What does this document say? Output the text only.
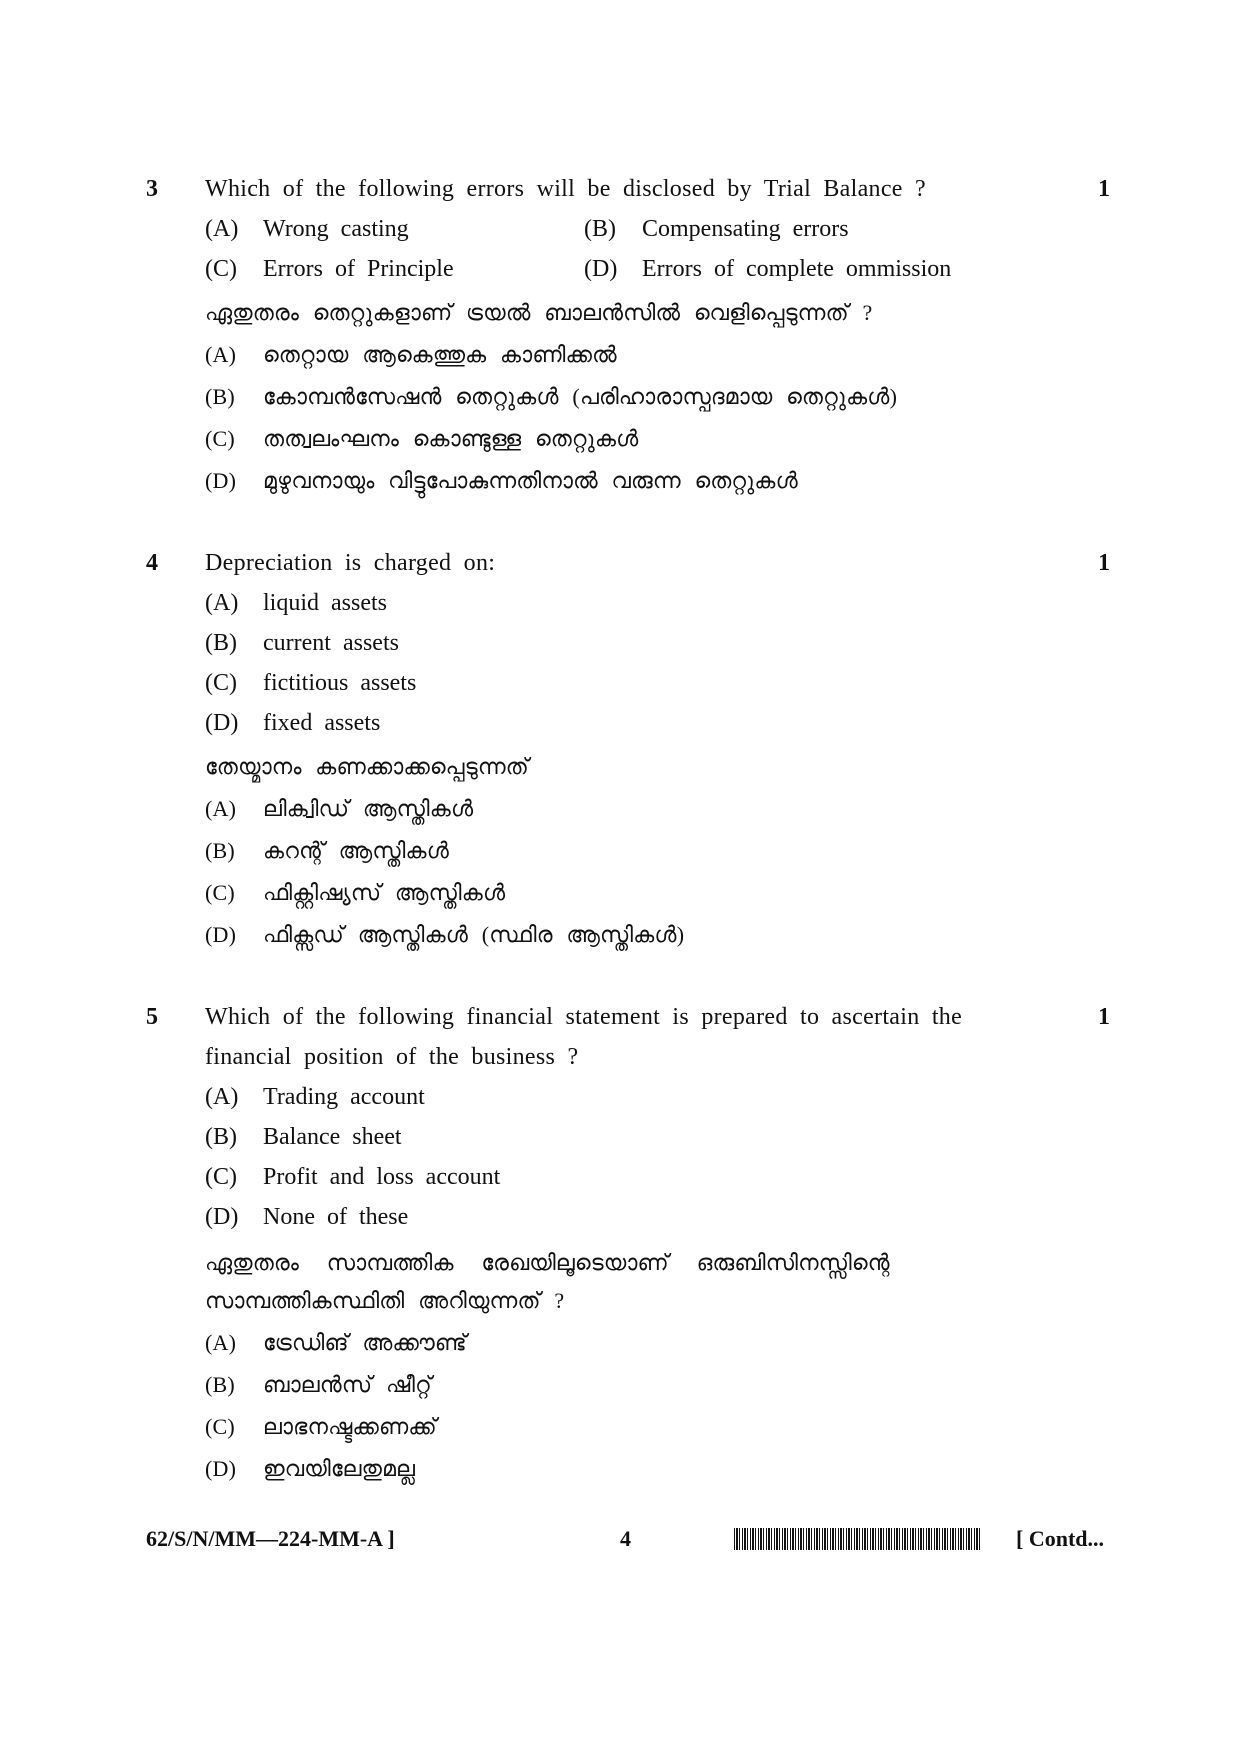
3 Which of the following errors will be disclosed by Trial Balance ?	1
(A) Wrong casting	(B) Compensating errors
(C) Errors of Principle	(D) Errors of complete ommission
ഏതുതരം തെറ്റുകളാണ് ട്രയൽ ബാലൻസിൽ വെളിപ്പെടുന്നത് ?
(A) തെറ്റായ ആകെത്തുക കാണിക്കൽ
(B) കോമ്പൻസേഷൻ തെറ്റുകൾ (പരിഹാരാസ്പദമായ തെറ്റുകൾ)
(C) തത്വലംഘനം കൊണ്ടുള്ള തെറ്റുകൾ
(D) മുഴുവനായും വിട്ടുപോകുന്നതിനാൽ വരുന്ന തെറ്റുകൾ
4 Depreciation is charged on:	1
(A) liquid assets
(B) current assets
(C) fictitious assets
(D) fixed assets
തേയ്മാനം കണക്കാക്കപ്പെടുന്നത്
(A) ലിക്വിഡ് ആസ്തികൾ
(B) കറന്റ് ആസ്തികൾ
(C) ഫിക്റ്റിഷ്യസ് ആസ്തികൾ
(D) ഫിക്സഡ് ആസ്തികൾ (സ്ഥിര ആസ്തികൾ)
5 Which of the following financial statement is prepared to ascertain the	1
financial position of the business ?
(A) Trading account
(B) Balance sheet
(C) Profit and loss account
(D) None of these
ഏതുതരം സാമ്പത്തിക രേഖയിലൂടെയാണ് ഒരുബിസിനസ്സിന്റെ
സാമ്പത്തികസ്ഥിതി അറിയുന്നത് ?
(A) ട്രേഡിങ് അക്കൗണ്ട്
(B) ബാലൻസ് ഷീറ്റ്
(C) ലാഭനഷ്ടക്കണക്ക്
(D) ഇവയിലേതുമല്ല
62/S/N/MM—224-MM-A ]	4	[ Contd...
